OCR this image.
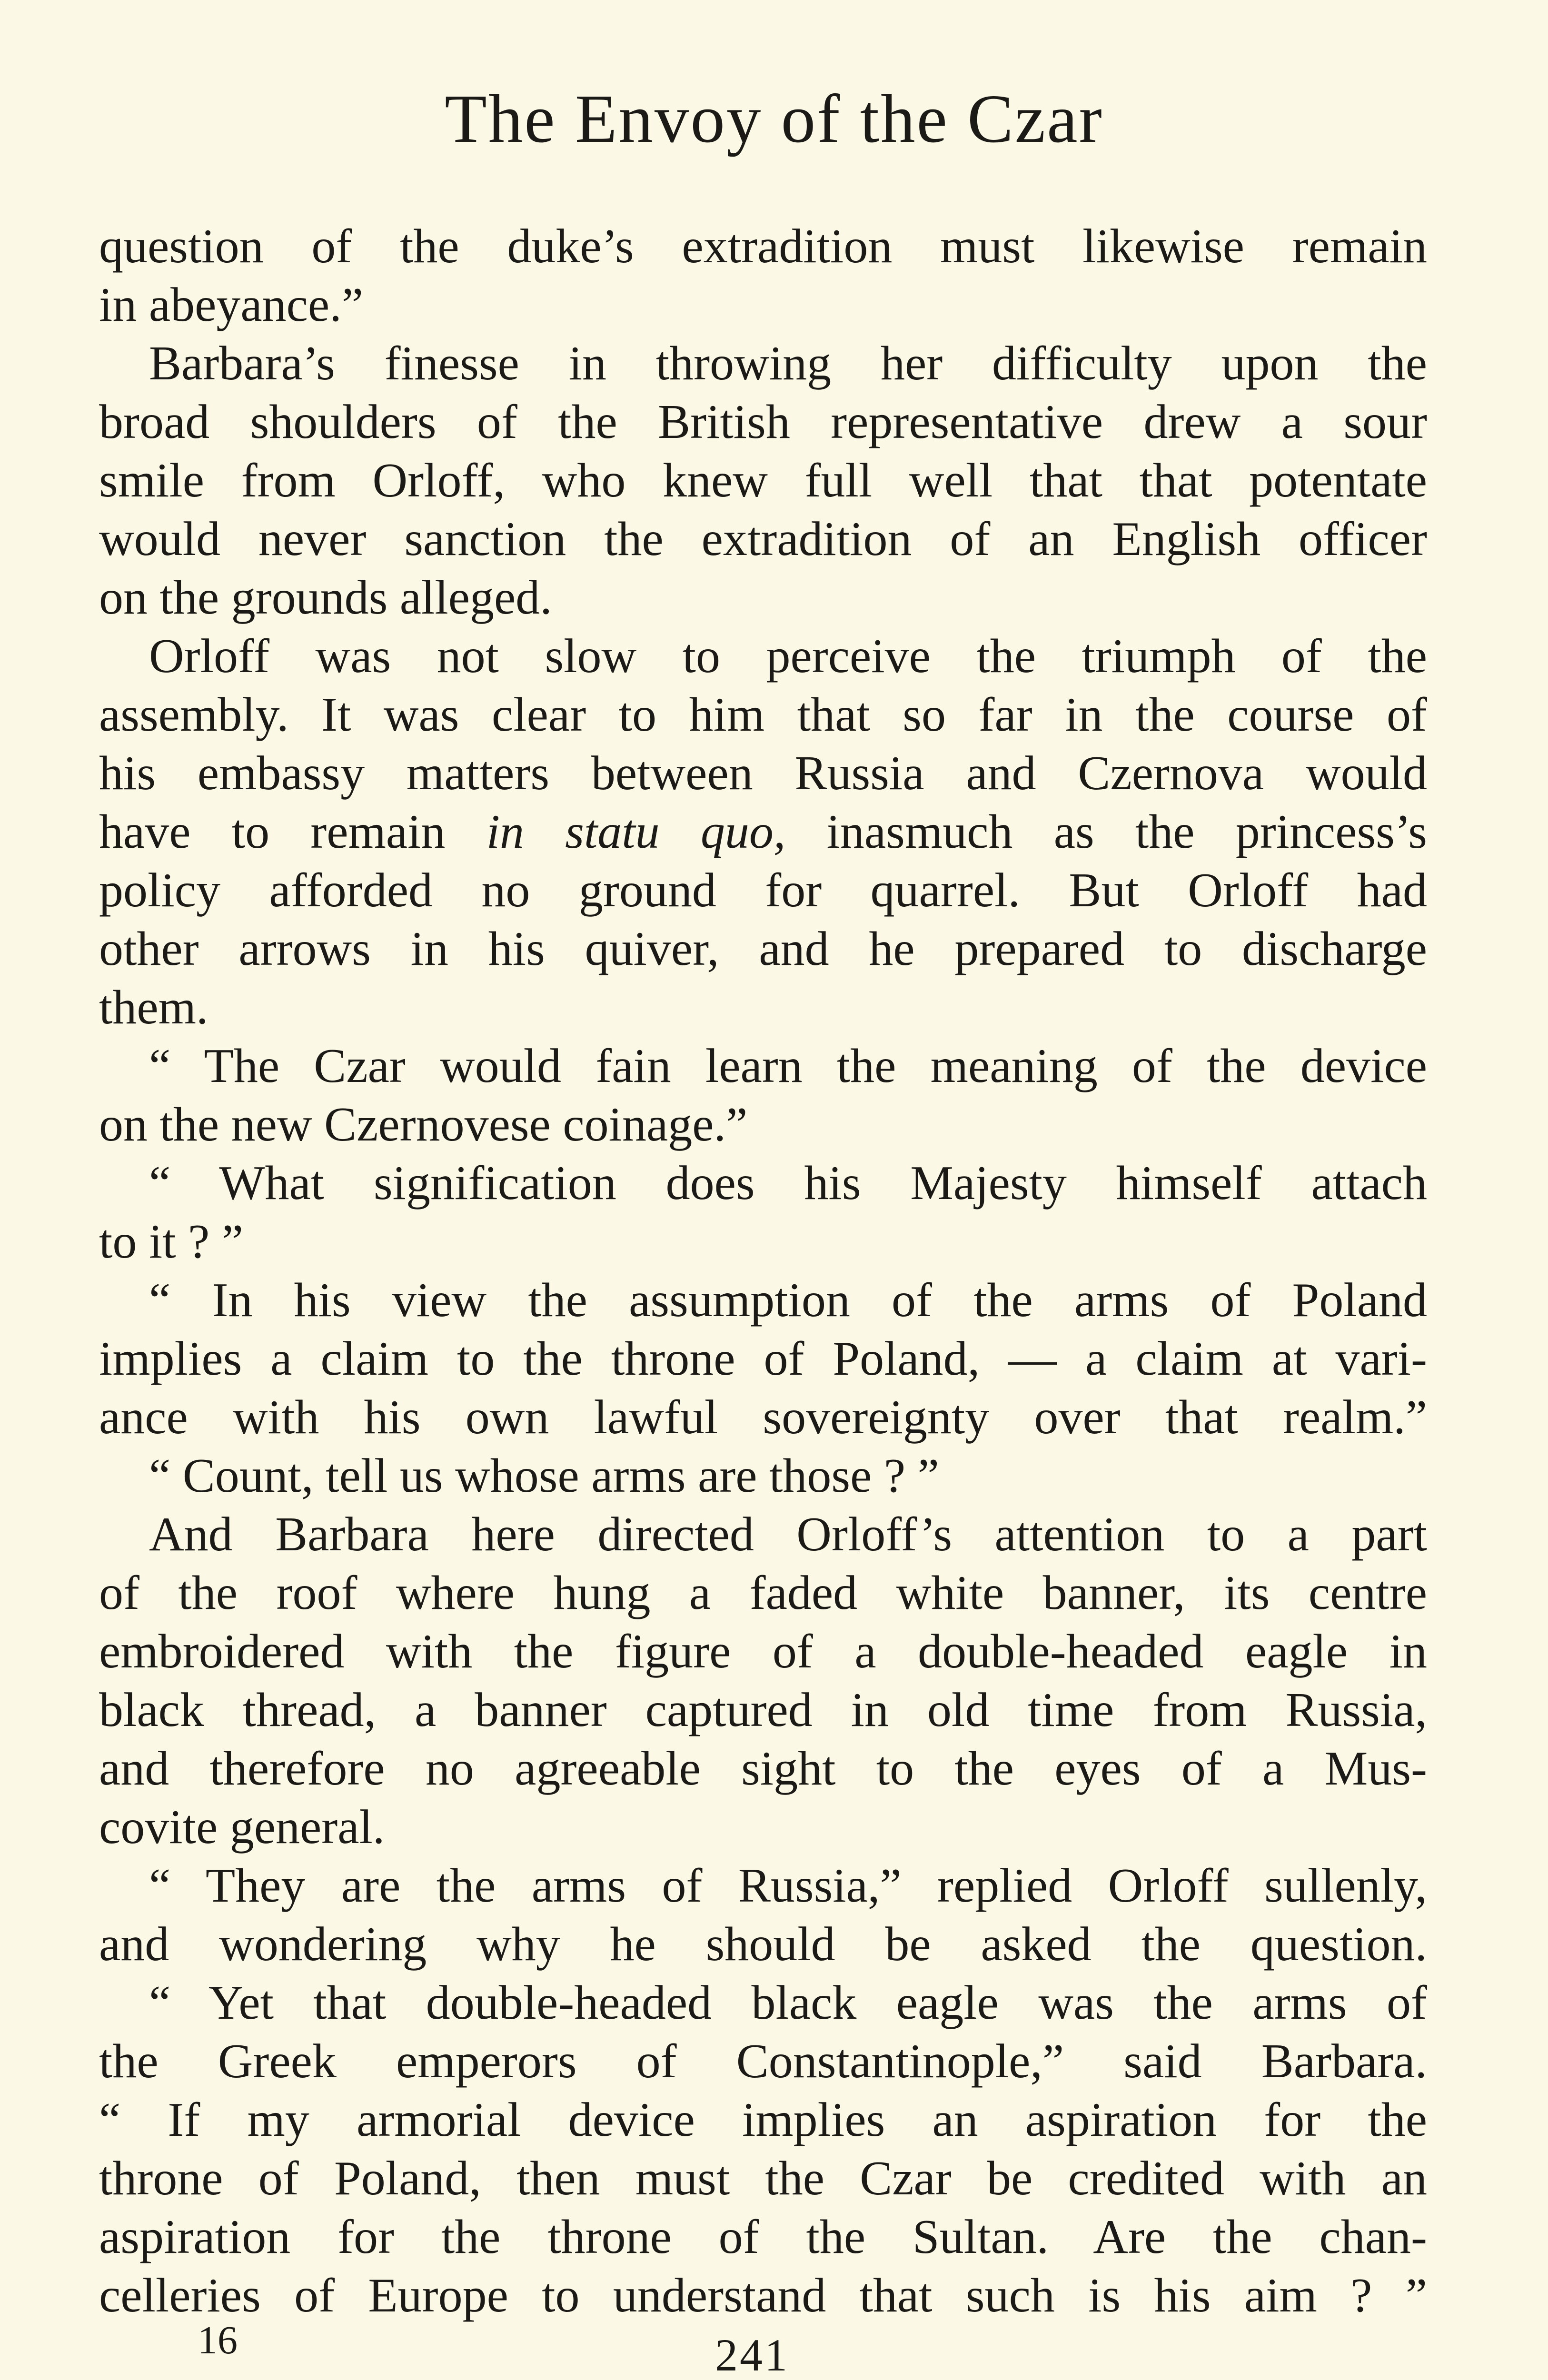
The Envoy of the Czar
question of the duke’s extradition must likewise remain
in abeyance.”
Barbara’s finesse in throwing her difficulty upon the
broad shoulders of the British representative drew a sour
smile from Orloff, who knew full well that that potentate
would never sanction the extradition of an English officer
on the grounds alleged.
Orloff was not slow to perceive the triumph of the
assembly. It was clear to him that so far in the course of
his embassy matters between Russia and Czernova would
have to remain in statu quo, inasmuch as the princess’s
policy afforded no ground for quarrel. But Orloff had
other arrows in his quiver, and he prepared to discharge
them.
“ The Czar would fain learn the meaning of the device
on the new Czernovese coinage.”
“ What signification does his Majesty himself attach
to it ? ”
“ In his view the assumption of the arms of Poland
implies a claim to the throne of Poland, — a claim at vari-
ance with his own lawful sovereignty over that realm.”
“ Count, tell us whose arms are those ? ”
And Barbara here directed Orloff’s attention to a part
of the roof where hung a faded white banner, its centre
embroidered with the figure of a double-headed eagle in
black thread, a banner captured in old time from Russia,
and therefore no agreeable sight to the eyes of a Mus-
covite general.
“ They are the arms of Russia,” replied Orloff sullenly,
and wondering why he should be asked the question.
“ Yet that double-headed black eagle was the arms of
the Greek emperors of Constantinople,” said Barbara.
“ If my armorial device implies an aspiration for the
throne of Poland, then must the Czar be credited with an
aspiration for the throne of the Sultan. Are the chan-
celleries of Europe to understand that such is his aim ? ”
16	241
